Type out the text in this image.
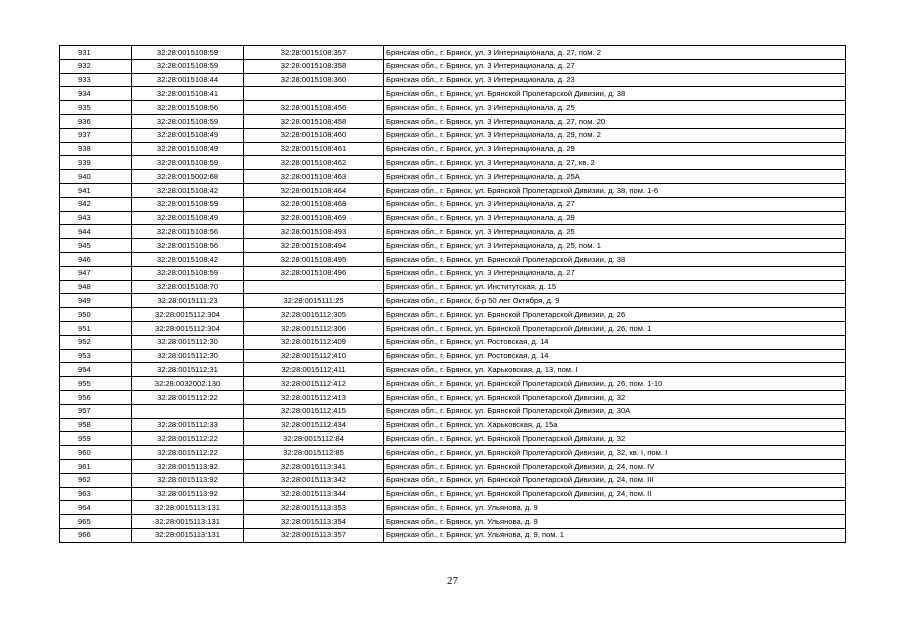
931	32:28:0015108:59	32:28:0015108:357	Брянская обл., г. Брянск, ул. 3 Интернационала, д. 27, пом. 2
932	32:28:0015108:59	32:28:0015108:358	Брянская обл., г. Брянск, ул. 3 Интернационала, д. 27
933	32:28:0015108:44	32:28:0015108:360	Брянская обл., г. Брянск, ул. 3 Интернационала, д. 23
934	32:28:0015108:41		Брянская обл., г. Брянск, ул. Брянской Пролетарской Дивизии, д. 38
935	32:28:0015108:56	32:28:0015108:456	Брянская обл., г. Брянск, ул. 3 Интернационала, д. 25
936	32:28:0015108:59	32:28:0015108:458	Брянская обл., г. Брянск, ул. 3 Интернационала, д. 27, пом. 20
937	32:28:0015108:49	32:28:0015108:460	Брянская обл., г. Брянск, ул. 3 Интернационала, д. 29, пом. 2
938	32:28:0015108:49	32:28:0015108:461	Брянская обл., г. Брянск, ул. 3 Интернационала, д. 29
939	32:28:0015108:59	32:28:0015108:462	Брянская обл., г. Брянск, ул. 3 Интернационала, д. 27, кв. 2
940	32:28:0015002:68	32:28:0015108:463	Брянская обл., г. Брянск, ул. 3 Интернационала, д. 25А
941	32:28:0015108:42	32:28:0015108:464	Брянская обл., г. Брянск, ул. Брянской Пролетарской Дивизии, д. 38, пом. 1-6
942	32:28:0015108:59	32:28:0015108:468	Брянская обл., г. Брянск, ул. 3 Интернационала, д. 27
943	32:28:0015108:49	32:28:0015108:469	Брянская обл., г. Брянск, ул. 3 Интернационала, д. 29
944	32:28:0015108:56	32:28:0015108:493	Брянская обл., г. Брянск, ул. 3 Интернационала, д. 25
945	32:28:0015108:56	32:28:0015108:494	Брянская обл., г. Брянск, ул. 3 Интернационала, д. 25, пом. 1
946	32:28:0015108:42	32:28:0015108:495	Брянская обл., г. Брянск, ул. Брянской Пролетарской Дивизии, д. 38
947	32:28:0015108:59	32:28:0015108:496	Брянская обл., г. Брянск, ул. 3 Интернационала, д. 27
948	32:28:0015108:70		Брянская обл., г. Брянск, ул. Институтская, д. 15
949	32:28:0015111:23	32:28:0015111:25	Брянская обл., г. Брянск, б-р 50 лет Октября, д. 9
950	32:28:0015112:304	32:28:0015112:305	Брянская обл., г. Брянск, ул. Брянской Пролетарской Дивизии, д. 26
951	32:28:0015112:304	32:28:0015112:306	Брянская обл., г. Брянск, ул. Брянской Пролетарской Дивизии, д. 26, пом. 1
952	32:28:0015112:30	32:28:0015112:409	Брянская обл., г. Брянск, ул. Ростовская, д. 14
953	32:28:0015112:30	32:28:0015112:410	Брянская обл., г. Брянск, ул. Ростовская, д. 14
954	32:28:0015112:31	32:28:0015112:411	Брянская обл., г. Брянск, ул. Харьковская, д. 13, пом. I
955	32:28:0032002:130	32:28:0015112:412	Брянская обл., г. Брянск, ул. Брянской Пролетарской Дивизии, д. 26, пом. 1-10
956	32:28:0015112:22	32:28:0015112:413	Брянская обл., г. Брянск, ул. Брянской Пролетарской Дивизии, д. 32
957		32:28:0015112:415	Брянская обл., г. Брянск, ул. Брянской Пролетарской Дивизии, д. 30А
958	32:28:0015112:33	32:28:0015112:434	Брянская обл., г. Брянск, ул. Харьковская, д. 15а
959	32:28:0015112:22	32:28:0015112:84	Брянская обл., г. Брянск, ул. Брянской Пролетарской Дивизии, д. 32
960	32:28:0015112:22	32:28:0015112:85	Брянская обл., г. Брянск, ул. Брянской Пролетарской Дивизии, д. 32, кв. I, пом. I
961	32:28:0015113:92	32:28:0015113:341	Брянская обл., г. Брянск, ул. Брянской Пролетарской Дивизии, д. 24, пом. IV
962	32:28:0015113:92	32:28:0015113:342	Брянская обл., г. Брянск, ул. Брянской Пролетарской Дивизии, д. 24, пом. III
963	32:28:0015113:92	32:28:0015113:344	Брянская обл., г. Брянск, ул. Брянской Пролетарской Дивизии, д. 24, пом. II
964	32:28:0015113:131	32:28:0015113:353	Брянская обл., г. Брянск, ул. Ульянова, д. 9
965	32:28:0015113:131	32:28:0015113:354	Брянская обл., г. Брянск, ул. Ульянова, д. 9
966	32:28:0015113:131	32:28:0015113:357	Брянская обл., г. Брянск, ул. Ульянова, д. 9, пом. 1
27
